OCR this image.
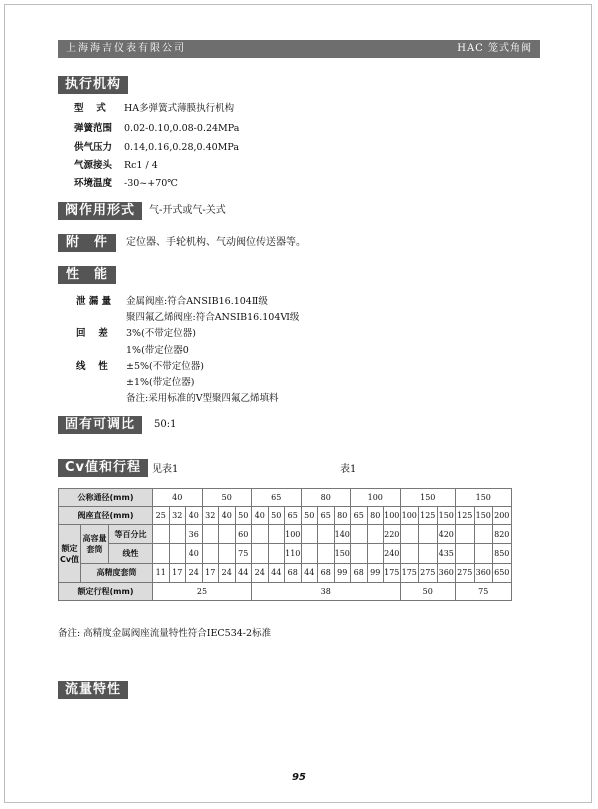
上海海吉仪表有限公司	HAC 笼式角阀
执行机构
型　 式 HA多弹簧式薄膜执行机构
弹簧范围 0.02-0.10,0.08-0.24MPa
供气压力 0.14,0.16,0.28,0.40MPa
气源接头 Rc1 / 4
环境温度 -30~+70℃
阀作用形式	气-开式或气-关式
附　件	定位器、手轮机构、气动阀位传送器等。
性　能
泄 漏 量 金属阀座:符合ANSIB16.104Ⅱ级
聚四氟乙烯阀座:符合ANSIB16.104Ⅵ级
回　 差 3%(不带定位器)
1%(带定位器0
线　 性 ±5%(不带定位器)
±1%(带定位器)
备注:采用标准的V型聚四氟乙烯填料
固有可调比	50:1
Cv值和行程	见表1	表1
公称通径(mm)			40			50			65			80			100			150			150		
阀座直径(mm)			25	32	40	32	40	50	40	50	65	50	65	80	65	80	100	100	125	150	125	150	200
额定Cv值	高容量套筒	等百分比			36			60			100			140			220			420			820
		线性			40			75			110			150			240			435			850
	高精度套筒		11	17	24	17	24	44	24	44	68	44	68	99	68	99	175	175	275	360	275	360	650
额定行程(mm)			25						38									50			75		
备注: 高精度金属阀座流量特性符合IEC534-2标准
流量特性
95
